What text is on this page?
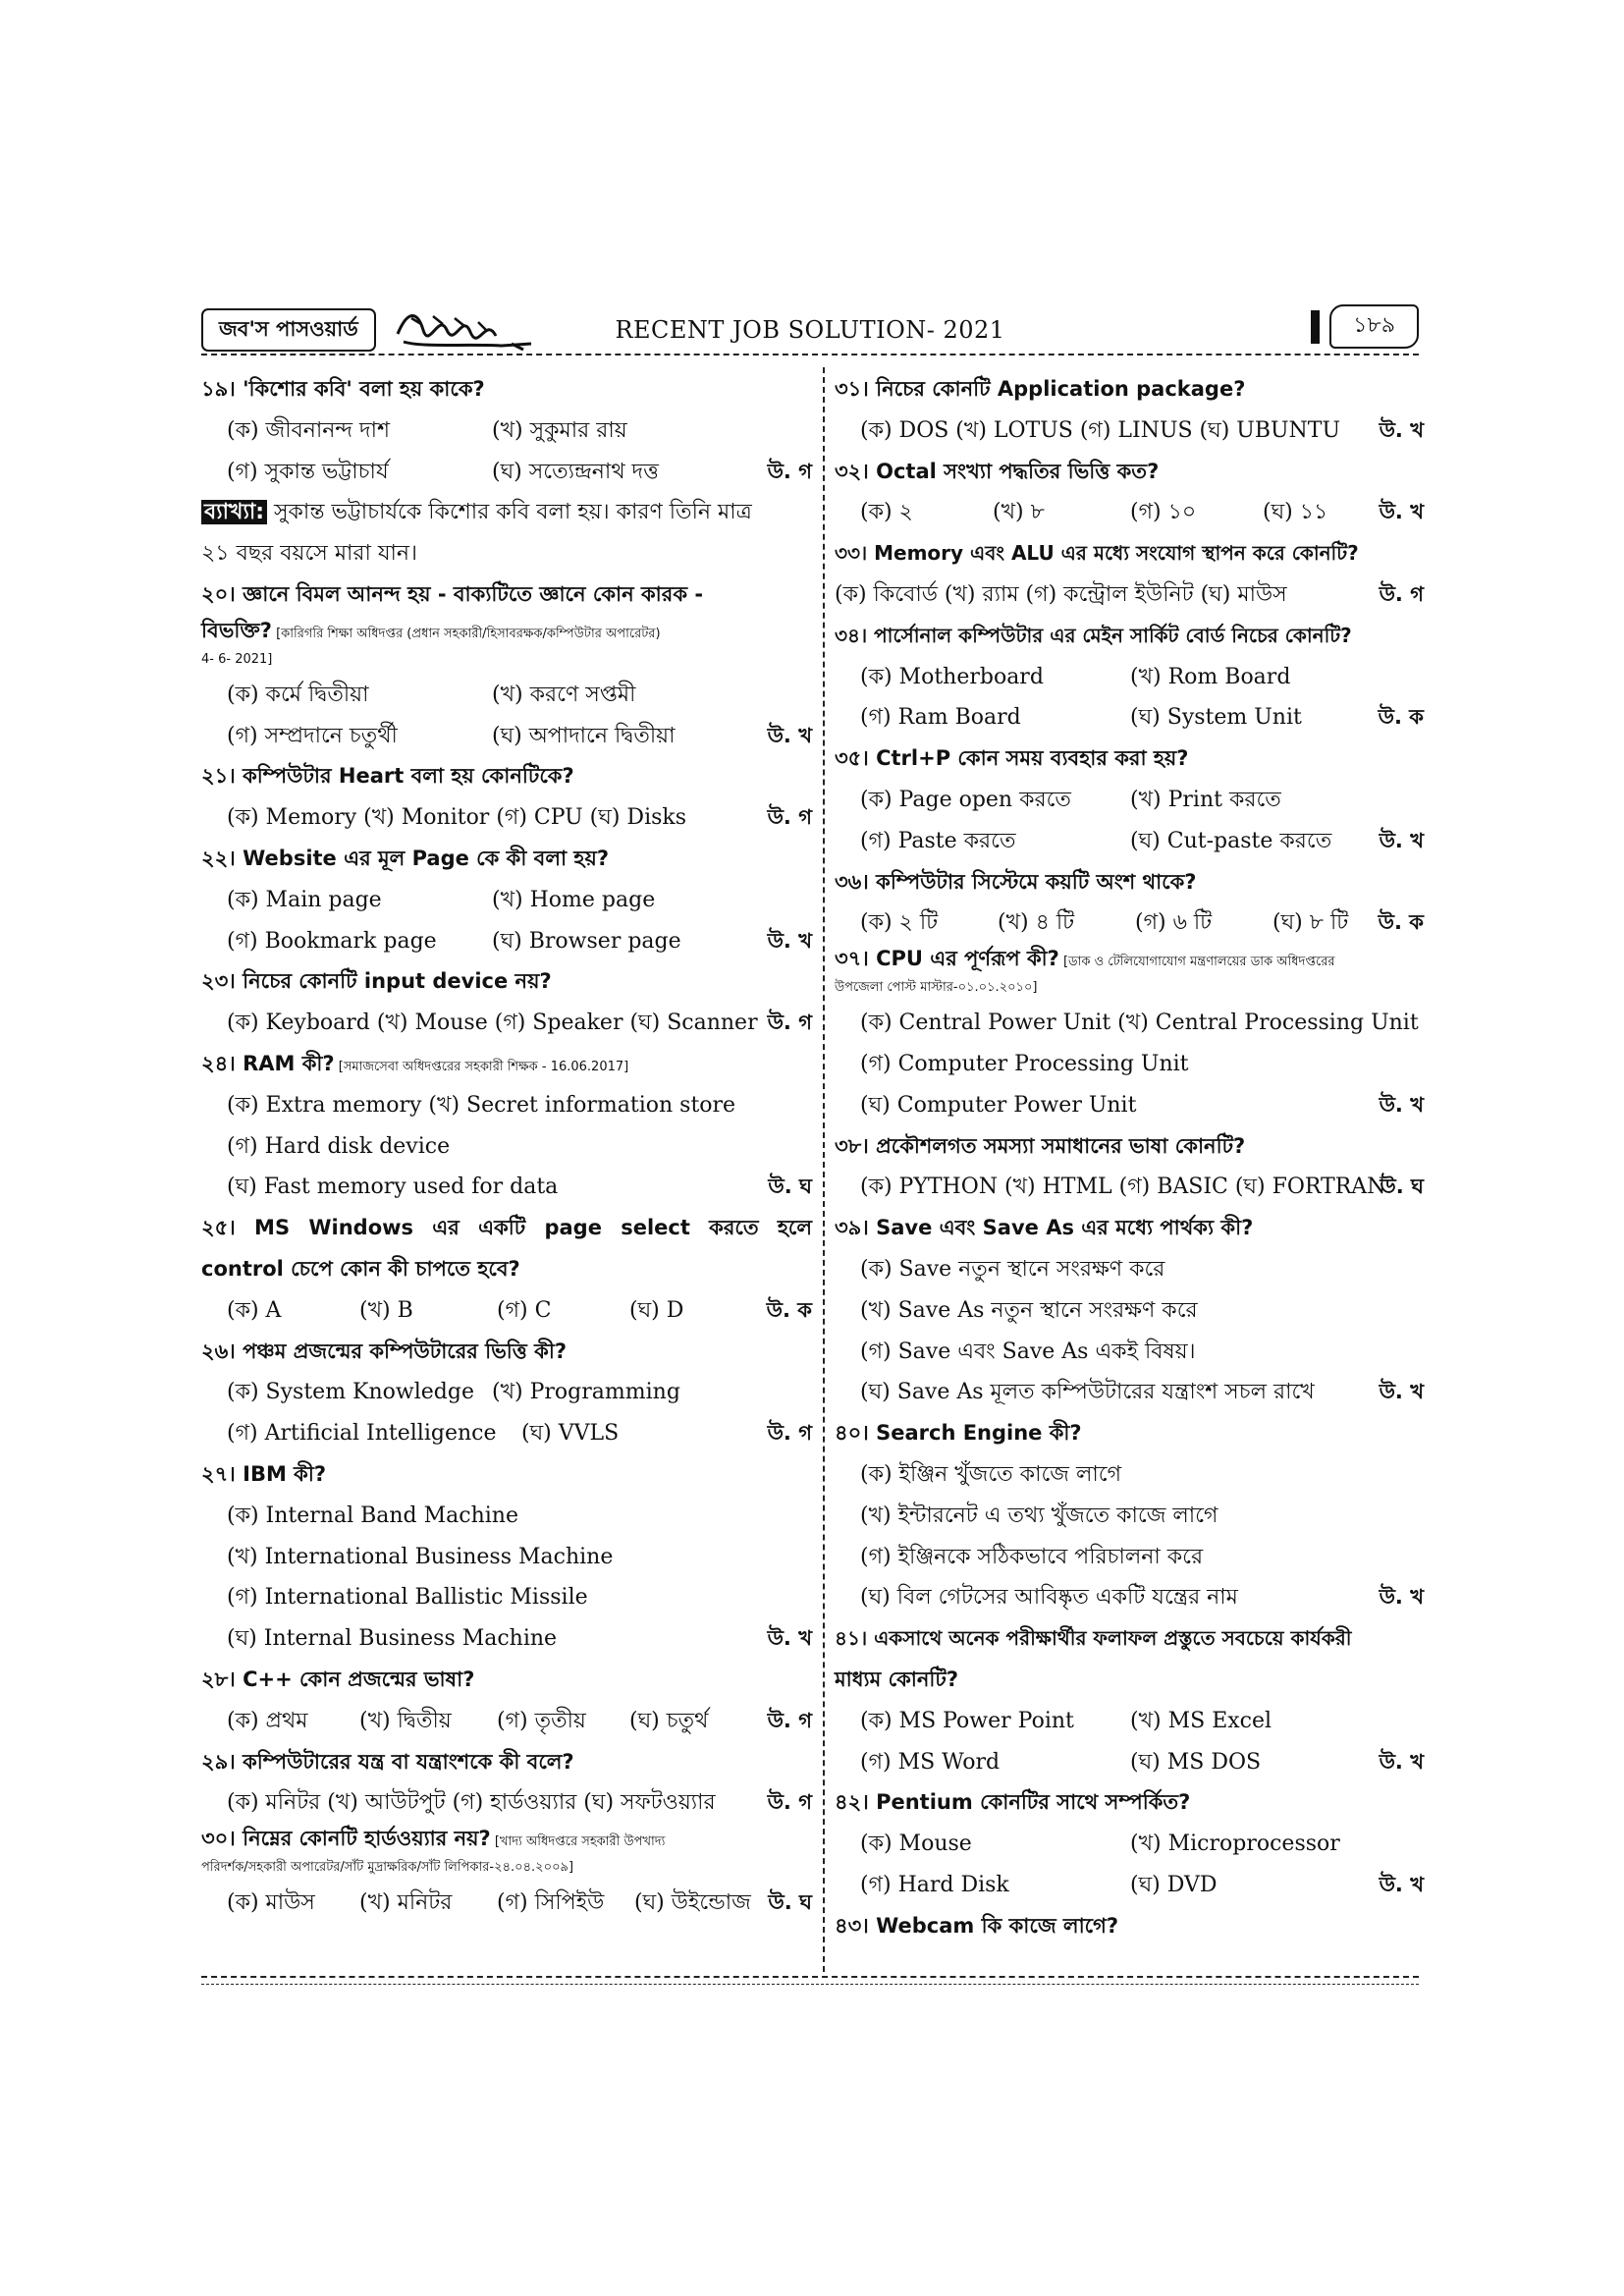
জব'স পাসওয়ার্ড	RECENT JOB SOLUTION- 2021	১৮৯
১৯। 'কিশোর কবি' বলা হয় কাকে?
(ক) জীবনানন্দ দাশ	(খ) সুকুমার রায়
(গ) সুকান্ত ভট্টাচার্য	(ঘ) সত্যেন্দ্রনাথ দত্ত	উ. গ
ব্যাখ্যা: সুকান্ত ভট্টাচার্যকে কিশোর কবি বলা হয়। কারণ তিনি মাত্র
২১ বছর বয়সে মারা যান।
২০। জ্ঞানে বিমল আনন্দ হয় - বাক্যটিতে জ্ঞানে কোন কারক -
বিভক্তি? [কারিগরি শিক্ষা অধিদপ্তর (প্রধান সহকারী/হিসাবরক্ষক/কম্পিউটার অপারেটর)
4- 6- 2021]
(ক) কর্মে দ্বিতীয়া	(খ) করণে সপ্তমী
(গ) সম্প্রদানে চতুর্থী	(ঘ) অপাদানে দ্বিতীয়া	উ. খ
২১। কম্পিউটার Heart বলা হয় কোনটিকে?
(ক) Memory (খ) Monitor (গ) CPU (ঘ) Disks	উ. গ
২২। Website এর মূল Page কে কী বলা হয়?
(ক) Main page	(খ) Home page
(গ) Bookmark page	(ঘ) Browser page	উ. খ
২৩। নিচের কোনটি input device নয়?
(ক) Keyboard (খ) Mouse (গ) Speaker (ঘ) Scanner উ. গ
২৪। RAM কী? [সমাজসেবা অধিদপ্তরের সহকারী শিক্ষক - 16.06.2017]
(ক) Extra memory (খ) Secret information store
(গ) Hard disk device
(ঘ) Fast memory used for data	উ. ঘ
২৫। MS Windows এর একটি page select করতে হলে
control চেপে কোন কী চাপতে হবে?
(ক) A	(খ) B	(গ) C	(ঘ) D	উ. ক
২৬। পঞ্চম প্রজন্মের কম্পিউটারের ভিত্তি কী?
(ক) System Knowledge (খ) Programming
(গ) Artificial Intelligence	(ঘ) VVLS	উ. গ
২৭। IBM কী?
(ক) Internal Band Machine
(খ) International Business Machine
(গ) International Ballistic Missile
(ঘ) Internal Business Machine	উ. খ
২৮। C++ কোন প্রজন্মের ভাষা?
(ক) প্রথম	(খ) দ্বিতীয়	(গ) তৃতীয়	(ঘ) চতুর্থ	উ. গ
২৯। কম্পিউটারের যন্ত্র বা যন্ত্রাংশকে কী বলে?
(ক) মনিটর (খ) আউটপুট (গ) হার্ডওয়্যার (ঘ) সফটওয়্যার	উ. গ
৩০। নিম্নের কোনটি হার্ডওয়্যার নয়? [খাদ্য অধিদপ্তরে সহকারী উপখাদ্য
পরিদর্শক/সহকারী অপারেটর/সাঁট মুদ্রাক্ষরিক/সাঁট লিপিকার-২৪.০৪.২০০৯]
(ক) মাউস	(খ) মনিটর	(গ) সিপিইউ	(ঘ) উইন্ডোজ উ. ঘ
৩১। নিচের কোনটি Application package?
(ক) DOS (খ) LOTUS (গ) LINUS (ঘ) UBUNTU উ. খ
৩২। Octal সংখ্যা পদ্ধতির ভিত্তি কত?
(ক) ২	(খ) ৮	(গ) ১০	(ঘ) ১১ উ. খ
৩৩। Memory এবং ALU এর মধ্যে সংযোগ স্থাপন করে কোনটি?
(ক) কিবোর্ড (খ) র‍্যাম (গ) কন্ট্রোল ইউনিট (ঘ) মাউস	উ. গ
৩৪। পার্সোনাল কম্পিউটার এর মেইন সার্কিট বোর্ড নিচের কোনটি?
(ক) Motherboard	(খ) Rom Board
(গ) Ram Board	(ঘ) System Unit	উ. ক
৩৫। Ctrl+P কোন সময় ব্যবহার করা হয়?
(ক) Page open করতে	(খ) Print করতে
(গ) Paste করতে	(ঘ) Cut-paste করতে উ. খ
৩৬। কম্পিউটার সিস্টেমে কয়টি অংশ থাকে?
(ক) ২ টি	(খ) ৪ টি	(গ) ৬ টি	(ঘ) ৮ টি উ. ক
৩৭। CPU এর পূর্ণরূপ কী? [ডাক ও টেলিযোগাযোগ মন্ত্রণালয়ের ডাক অধিদপ্তরের
উপজেলা পোস্ট মাস্টার-০১.০১.২০১০]
(ক) Central Power Unit (খ) Central Processing Unit
(গ) Computer Processing Unit
(ঘ) Computer Power Unit	উ. খ
৩৮। প্রকৌশলগত সমস্যা সমাধানের ভাষা কোনটি?
(ক) PYTHON (খ) HTML (গ) BASIC (ঘ) FORTRAN
উ. ঘ
৩৯। Save এবং Save As এর মধ্যে পার্থক্য কী?
(ক) Save নতুন স্থানে সংরক্ষণ করে
(খ) Save As নতুন স্থানে সংরক্ষণ করে
(গ) Save এবং Save As একই বিষয়।
(ঘ) Save As মূলত কম্পিউটারের যন্ত্রাংশ সচল রাখে	উ. খ
৪০। Search Engine কী?
(ক) ইঞ্জিন খুঁজতে কাজে লাগে
(খ) ইন্টারনেট এ তথ্য খুঁজতে কাজে লাগে
(গ) ইঞ্জিনকে সঠিকভাবে পরিচালনা করে
(ঘ) বিল গেটসের আবিষ্কৃত একটি যন্ত্রের নাম	উ. খ
৪১। একসাথে অনেক পরীক্ষার্থীর ফলাফল প্রস্তুতে সবচেয়ে কার্যকরী
মাধ্যম কোনটি?
(ক) MS Power Point	(খ) MS Excel
(গ) MS Word	(ঘ) MS DOS	উ. খ
৪২। Pentium কোনটির সাথে সম্পর্কিত?
(ক) Mouse	(খ) Microprocessor
(গ) Hard Disk	(ঘ) DVD	উ. খ
৪৩। Webcam কি কাজে লাগে?
